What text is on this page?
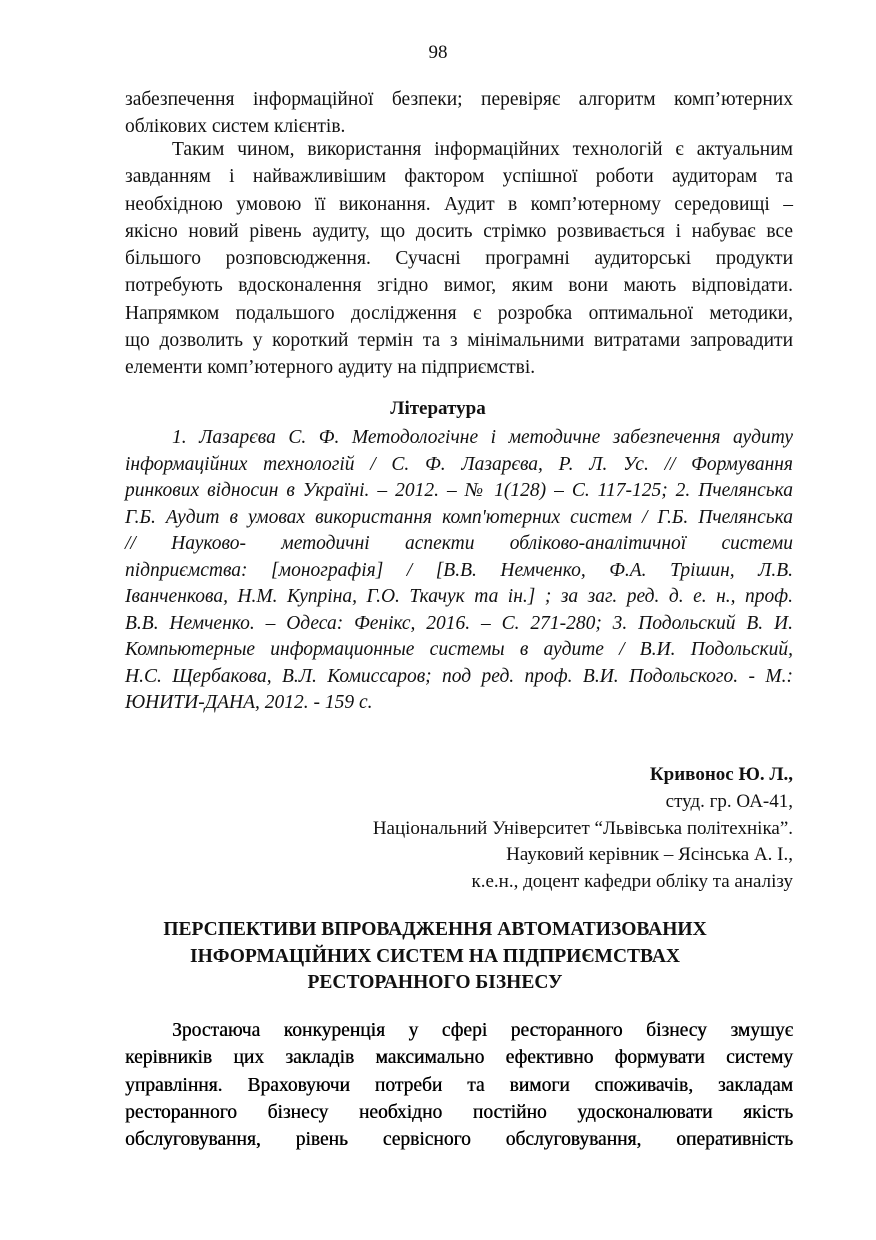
98
забезпечення інформаційної безпеки; перевіряє алгоритм комп’ютерних
облікових систем клієнтів.
Таким чином, використання інформаційних технологій є актуальним
завданням і найважливішим фактором успішної роботи аудиторам та
необхідною умовою її виконання. Аудит в комп’ютерному середовищі –
якісно новий рівень аудиту, що досить стрімко розвивається і набуває все
більшого розповсюдження. Сучасні програмні аудиторські продукти
потребують вдосконалення згідно вимог, яким вони мають відповідати.
Напрямком подальшого дослідження є розробка оптимальної методики,
що дозволить у короткий термін та з мінімальними витратами запровадити
елементи комп’ютерного аудиту на підприємстві.
Література
1. Лазарєва С. Ф. Методологічне і методичне забезпечення аудиту
інформаційних технологій / С. Ф. Лазарєва, Р. Л. Ус. // Формування
ринкових відносин в Україні. – 2012. – № 1(128) – С. 117-125; 2. Пчелянська
Г.Б. Аудит в умовах використання комп'ютерних систем / Г.Б. Пчелянська
// Науково- методичні аспекти обліково-аналітичної системи
підприємства: [монографія] / [В.В. Немченко, Ф.А. Трішин, Л.В.
Іванченкова, Н.М. Купріна, Г.О. Ткачук та ін.] ; за заг. ред. д. е. н., проф.
В.В. Немченко. – Одеса: Фенікс, 2016. – С. 271-280; 3. Подольский В. И.
Компьютерные информационные системы в аудите / В.И. Подольский,
Н.С. Щербакова, В.Л. Комиссаров; под ред. проф. В.И. Подольского. - М.:
ЮНИТИ-ДАНА, 2012. - 159 с.
Кривонос Ю. Л.,
студ. гр. ОА-41,
Національний Університет “Львівська політехніка”.
Науковий керівник – Ясінська А. І.,
к.е.н., доцент кафедри обліку та аналізу
ПЕРСПЕКТИВИ ВПРОВАДЖЕННЯ АВТОМАТИЗОВАНИХ
ІНФОРМАЦІЙНИХ СИСТЕМ НА ПІДПРИЄМСТВАХ
РЕСТОРАННОГО БІЗНЕСУ
Зростаюча конкуренція у сфері ресторанного бізнесу змушує
керівників цих закладів максимально ефективно формувати систему
управління. Враховуючи потреби та вимоги споживачів, закладам
ресторанного бізнесу необхідно постійно удосконалювати якість
обслуговування, рівень сервісного обслуговування, оперативність
